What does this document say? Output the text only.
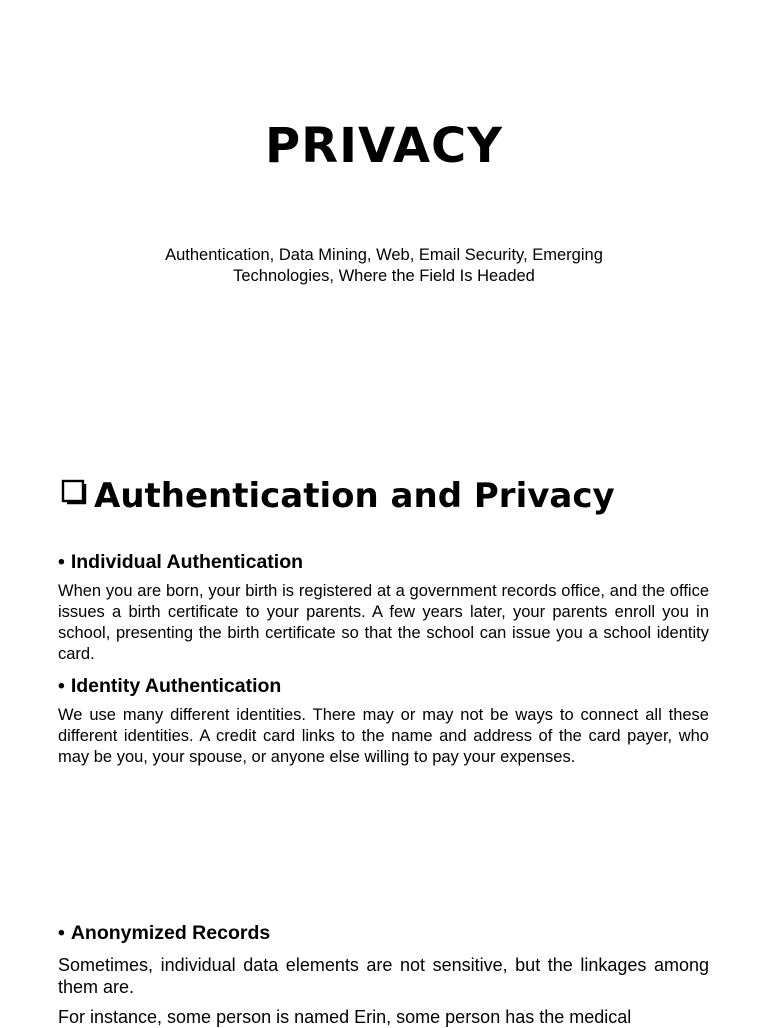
PRIVACY
Authentication, Data Mining, Web, Email Security, Emerging Technologies, Where the Field Is Headed
Authentication and Privacy

• Individual Authentication

When you are born, your birth is registered at a government records office, and the office issues a birth certificate to your parents. A few years later, your parents enroll you in school, presenting the birth certificate so that the school can issue you a school identity card.

• Identity Authentication

We use many different identities. There may or may not be ways to connect all these different identities. A credit card links to the name and address of the card payer, who may be you, your spouse, or anyone else willing to pay your expenses.

• Anonymized Records

Sometimes, individual data elements are not sensitive, but the linkages among them are.

For instance, some person is named Erin, some person has the medical
